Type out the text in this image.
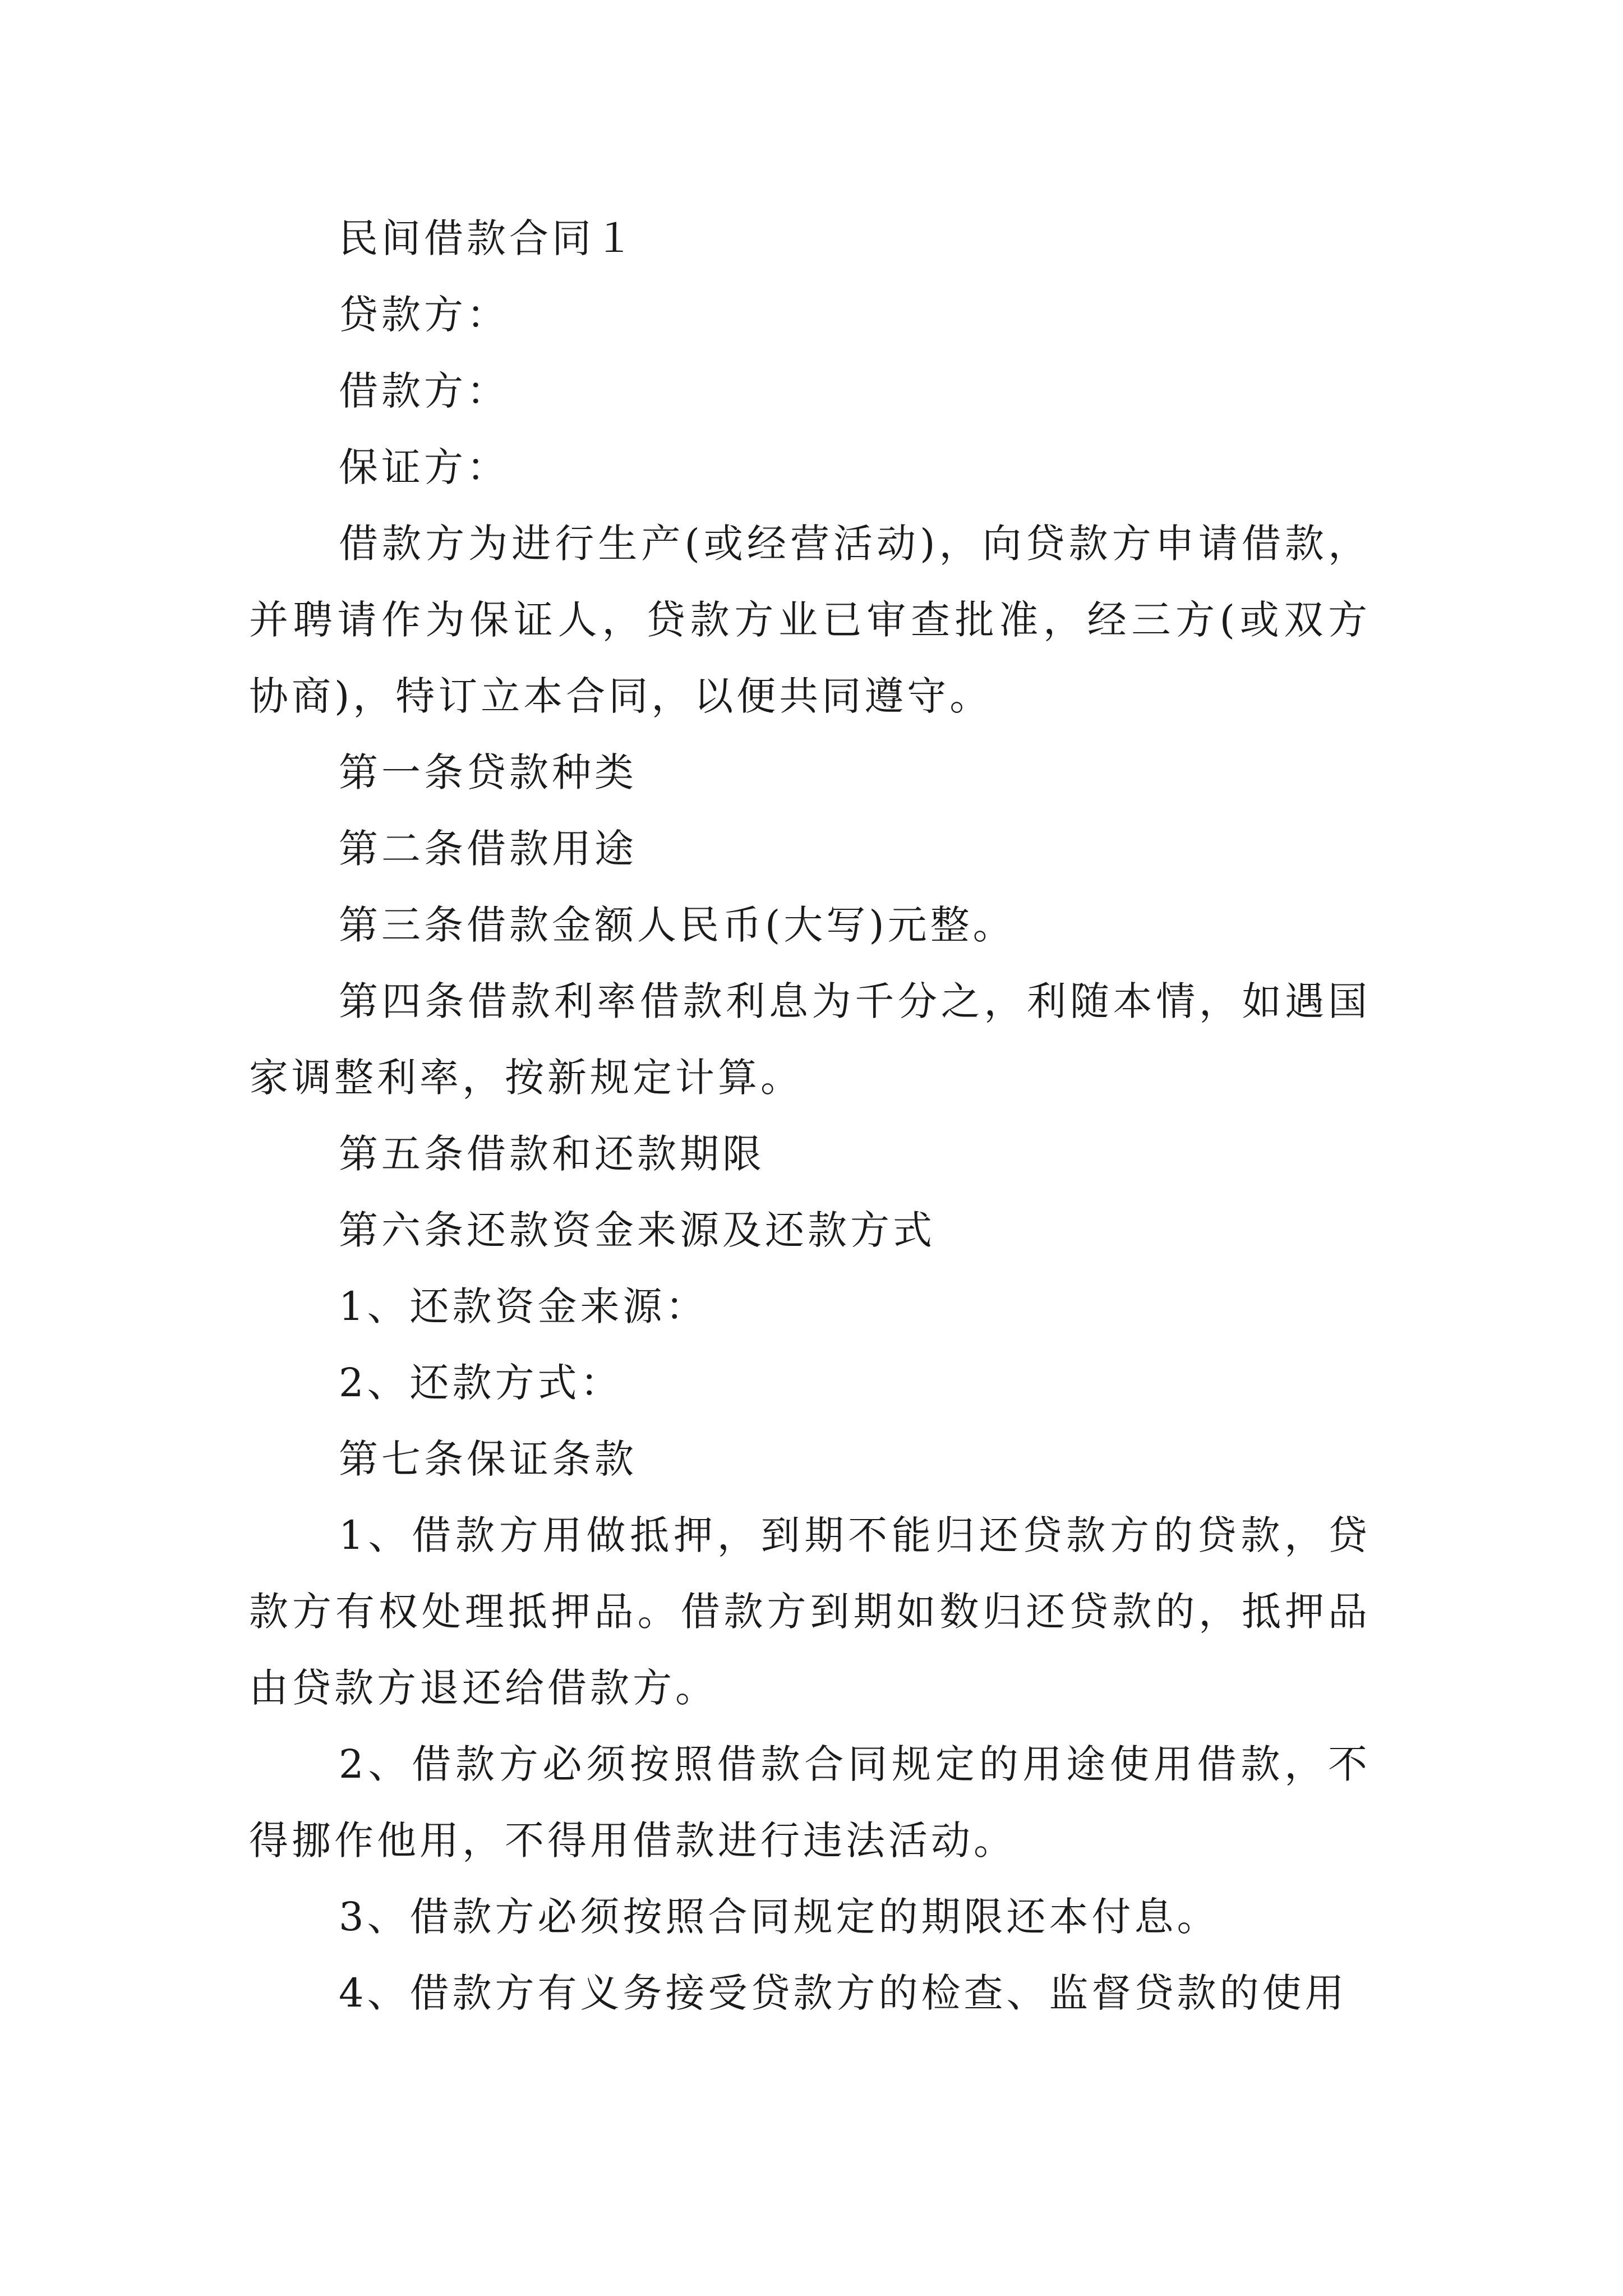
民间借款合同１

贷款方：

借款方：

保证方：

借款方为进行生产(或经营活动)，向贷款方申请借款，并聘请作为保证人，贷款方业已审查批准，经三方(或双方协商)，特订立本合同，以便共同遵守。

第一条贷款种类

第二条借款用途

第三条借款金额人民币(大写)元整。

第四条借款利率借款利息为千分之，利随本情，如遇国家调整利率，按新规定计算。

第五条借款和还款期限

第六条还款资金来源及还款方式

1、还款资金来源：

2、还款方式：

第七条保证条款

1、借款方用做抵押，到期不能归还贷款方的贷款，贷款方有权处理抵押品。借款方到期如数归还贷款的，抵押品由贷款方退还给借款方。

2、借款方必须按照借款合同规定的用途使用借款，不得挪作他用，不得用借款进行违法活动。

3、借款方必须按照合同规定的期限还本付息。

4、借款方有义务接受贷款方的检查、监督贷款的使用
